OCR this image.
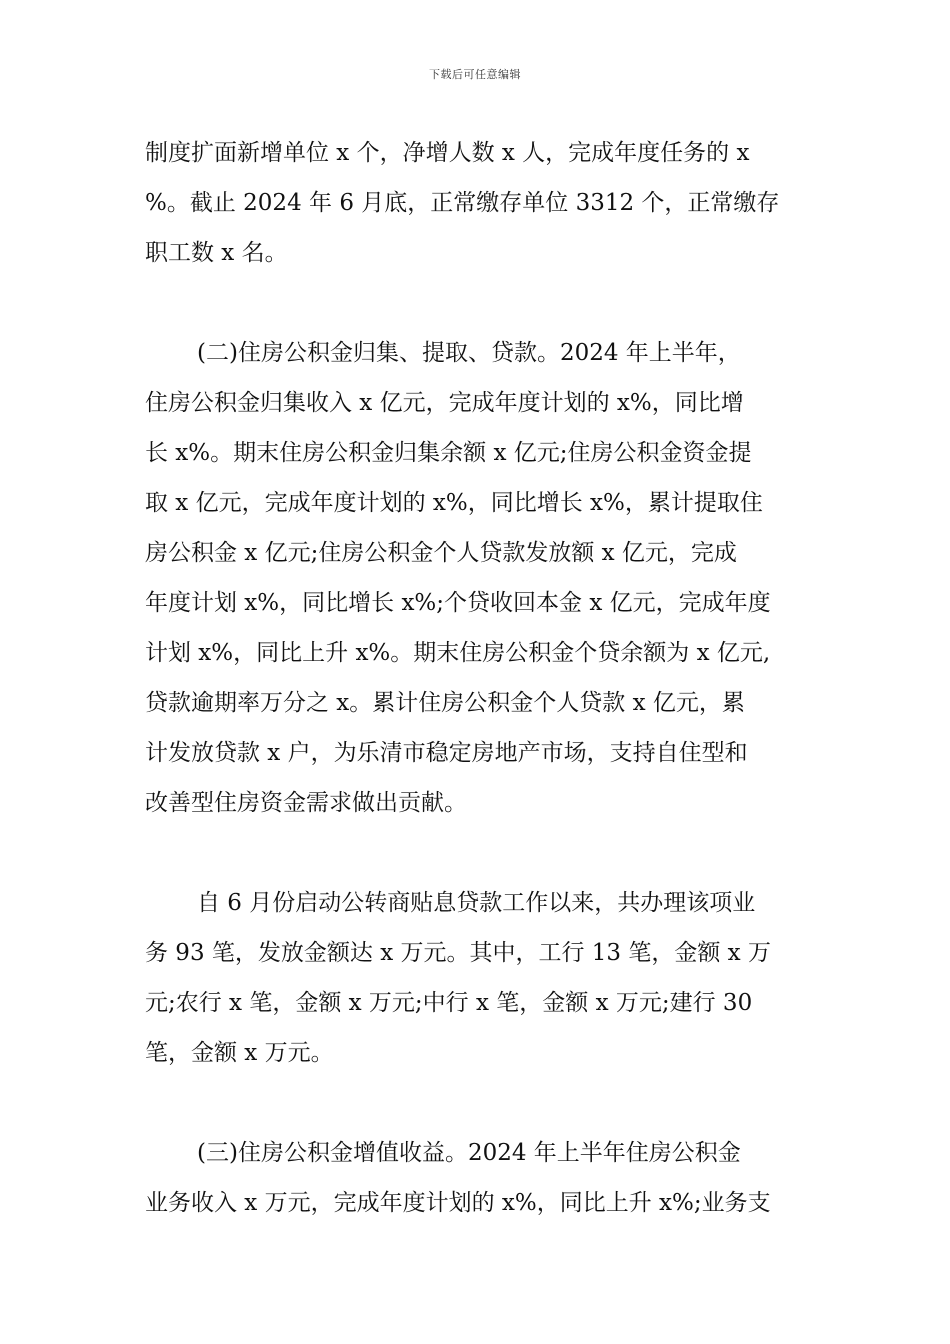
下载后可任意编辑
制度扩面新增单位 x 个，净增人数 x 人，完成年度任务的 x
%。截止 2024 年 6 月底，正常缴存单位 3312 个，正常缴存
职工数 x 名。
(二)住房公积金归集、提取、贷款。2024 年上半年，
住房公积金归集收入 x 亿元，完成年度计划的 x%，同比增
长 x%。期末住房公积金归集余额 x 亿元;住房公积金资金提
取 x 亿元，完成年度计划的 x%，同比增长 x%，累计提取住
房公积金 x 亿元;住房公积金个人贷款发放额 x 亿元，完成
年度计划 x%，同比增长 x%;个贷收回本金 x 亿元，完成年度
计划 x%，同比上升 x%。期末住房公积金个贷余额为 x 亿元,
贷款逾期率万分之 x。累计住房公积金个人贷款 x 亿元，累
计发放贷款 x 户，为乐清市稳定房地产市场，支持自住型和
改善型住房资金需求做出贡献。
自 6 月份启动公转商贴息贷款工作以来，共办理该项业
务 93 笔，发放金额达 x 万元。其中，工行 13 笔，金额 x 万
元;农行 x 笔，金额 x 万元;中行 x 笔，金额 x 万元;建行 30
笔，金额 x 万元。
(三)住房公积金增值收益。2024 年上半年住房公积金
业务收入 x 万元，完成年度计划的 x%，同比上升 x%;业务支
